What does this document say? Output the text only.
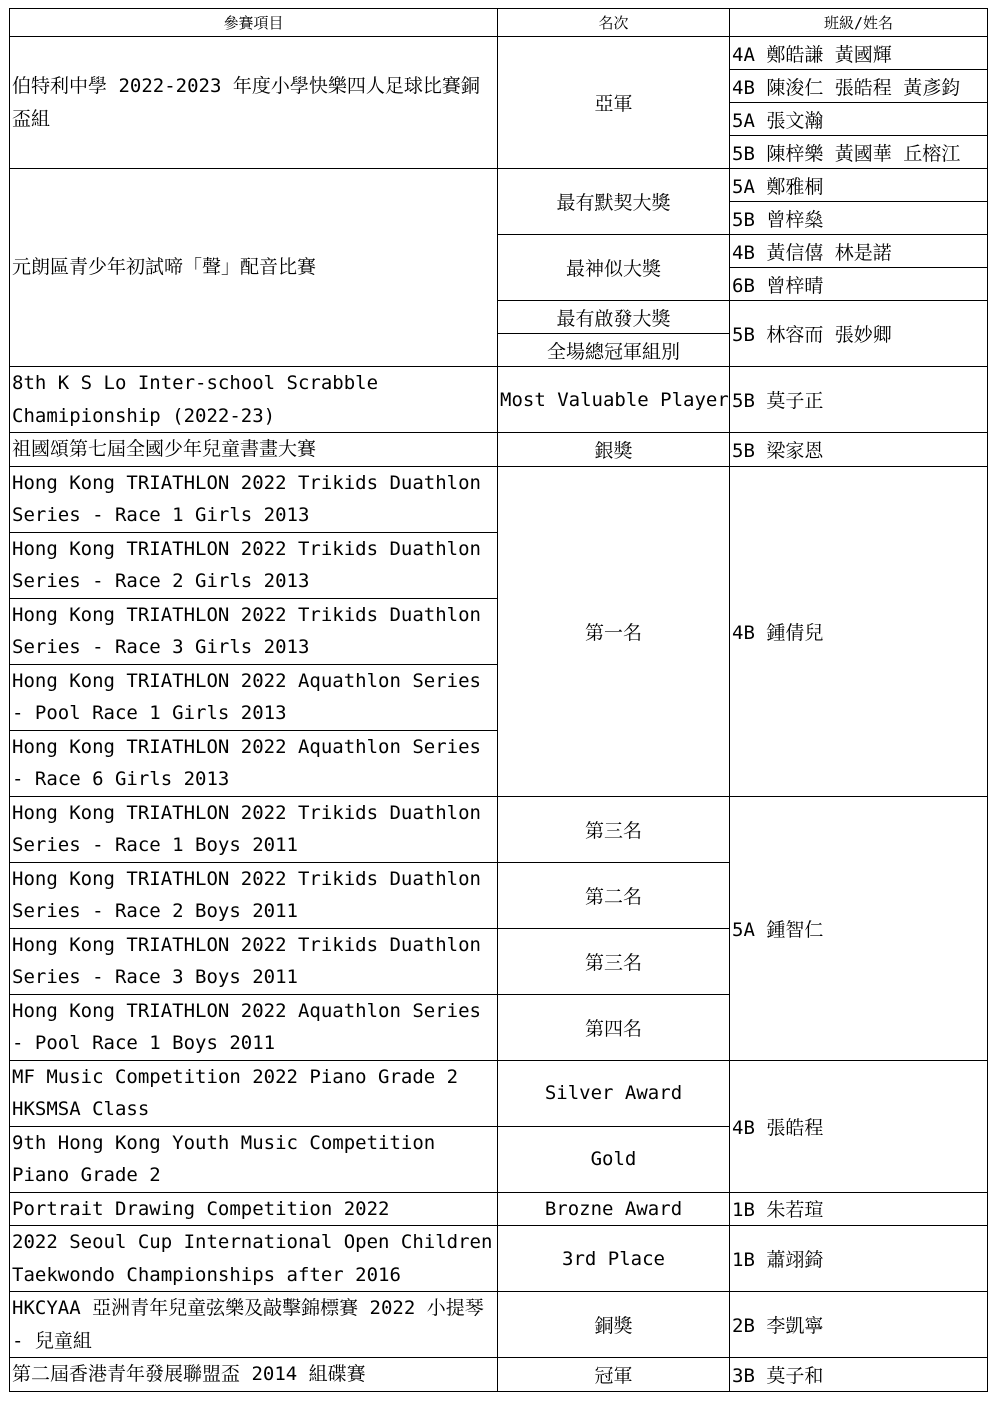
參賽項目	名次	班級/姓名
伯特利中學 2022-2023 年度小學快樂四人足球比賽銅盃組	亞軍	4A 鄭皓謙 黃國輝
		4B 陳浚仁 張皓程 黃彥鈞
		5A 張文瀚
		5B 陳梓樂 黃國華 丘榕江
元朗區青少年初試啼「聲」配音比賽	最有默契大獎	5A 鄭雅桐
		5B 曾梓燊
	最神似大獎	4B 黃信僖 林是諾
		6B 曾梓晴
	最有啟發大獎	5B 林容而 張妙卿
	全場總冠軍組別	
8th K S Lo Inter-school Scrabble Chamipionship (2022-23)	Most Valuable Player	5B 莫子正
祖國頌第七屆全國少年兒童書畫大賽	銀獎	5B 梁家恩
Hong Kong TRIATHLON 2022 Trikids Duathlon Series - Race 1 Girls 2013	第一名	4B 鍾倩兒
Hong Kong TRIATHLON 2022 Trikids Duathlon Series - Race 2 Girls 2013		
Hong Kong TRIATHLON 2022 Trikids Duathlon Series - Race 3 Girls 2013		
Hong Kong TRIATHLON 2022 Aquathlon Series - Pool Race 1 Girls 2013		
Hong Kong TRIATHLON 2022 Aquathlon Series - Race 6 Girls 2013		
Hong Kong TRIATHLON 2022 Trikids Duathlon Series - Race 1 Boys 2011	第三名	5A 鍾智仁
Hong Kong TRIATHLON 2022 Trikids Duathlon Series - Race 2 Boys 2011	第二名	
Hong Kong TRIATHLON 2022 Trikids Duathlon Series - Race 3 Boys 2011	第三名	
Hong Kong TRIATHLON 2022 Aquathlon Series - Pool Race 1 Boys 2011	第四名	
MF Music Competition 2022 Piano Grade 2 HKSMSA Class	Silver Award	4B 張皓程
9th Hong Kong Youth Music Competition Piano Grade 2	Gold	
Portrait Drawing Competition 2022	Brozne Award	1B 朱若瑄
2022 Seoul Cup International Open Children Taekwondo Championships after 2016	3rd Place	1B 蕭翊錡
HKCYAA 亞洲青年兒童弦樂及敲擊錦標賽 2022 小提琴 - 兒童組	銅獎	2B 李凱寧
第二屆香港青年發展聯盟盃 2014 組碟賽	冠軍	3B 莫子和
